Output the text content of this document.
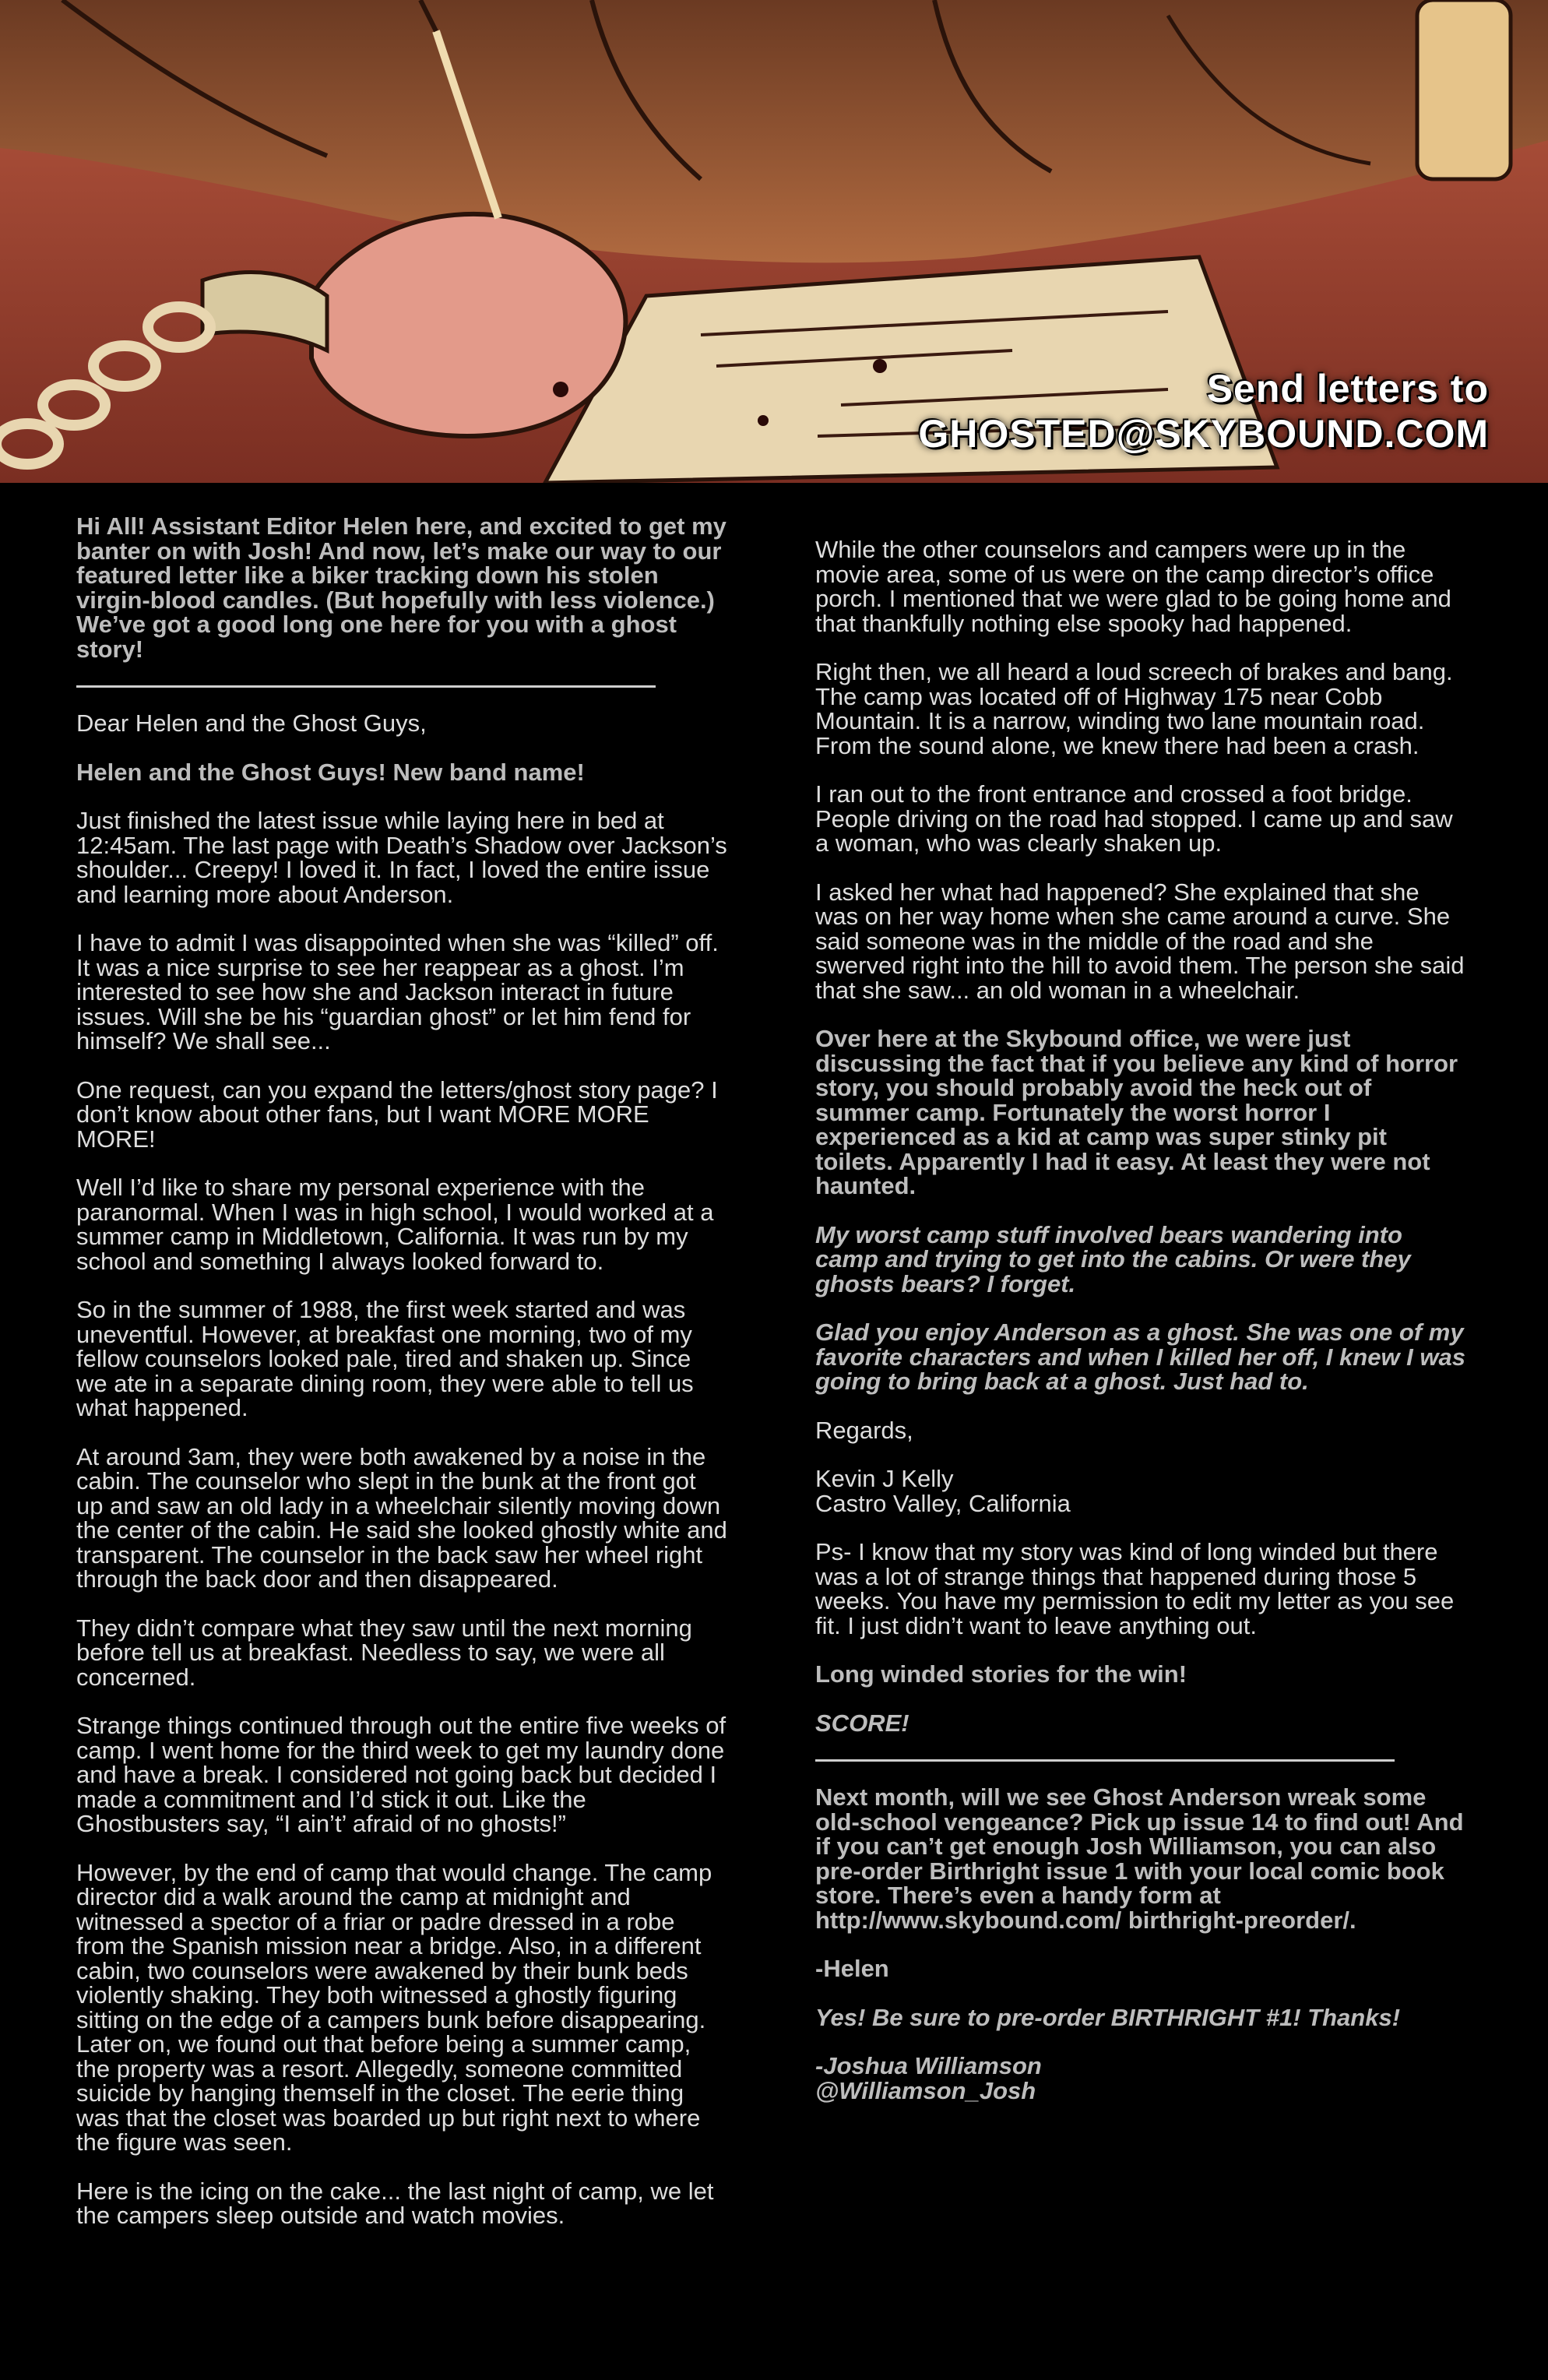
Send letters to
GHOSTED@SKYBOUND.COM

Hi All! Assistant Editor Helen here, and excited to get my banter on with Josh! And now, let’s make our way to our featured letter like a biker tracking down his stolen virgin-blood candles. (But hopefully with less violence.) We’ve got a good long one here for you with a ghost story!

Dear Helen and the Ghost Guys,

Helen and the Ghost Guys! New band name!

Just finished the latest issue while laying here in bed at 12:45am. The last page with Death’s Shadow over Jackson’s shoulder... Creepy! I loved it. In fact, I loved the entire issue and learning more about Anderson.

I have to admit I was disappointed when she was “killed” off. It was a nice surprise to see her reappear as a ghost. I’m interested to see how she and Jackson interact in future issues. Will she be his “guardian ghost” or let him fend for himself? We shall see...

One request, can you expand the letters/ghost story page? I don’t know about other fans, but I want MORE MORE MORE!

Well I’d like to share my personal experience with the paranormal. When I was in high school, I would worked at a summer camp in Middletown, California. It was run by my school and something I always looked forward to.

So in the summer of 1988, the first week started and was uneventful. However, at breakfast one morning, two of my fellow counselors looked pale, tired and shaken up. Since we ate in a separate dining room, they were able to tell us what happened.

At around 3am, they were both awakened by a noise in the cabin. The counselor who slept in the bunk at the front got up and saw an old lady in a wheelchair silently moving down the center of the cabin. He said she looked ghostly white and transparent. The counselor in the back saw her wheel right through the back door and then disappeared.

They didn’t compare what they saw until the next morning before tell us at breakfast. Needless to say, we were all concerned.

Strange things continued through out the entire five weeks of camp. I went home for the third week to get my laundry done and have a break. I considered not going back but decided I made a commitment and I’d stick it out. Like the Ghostbusters say, “I ain’t’ afraid of no ghosts!”

However, by the end of camp that would change. The camp director did a walk around the camp at midnight and witnessed a spector of a friar or padre dressed in a robe from the Spanish mission near a bridge. Also, in a different cabin, two counselors were awakened by their bunk beds violently shaking. They both witnessed a ghostly figuring sitting on the edge of a campers bunk before disappearing. Later on, we found out that before being a summer camp, the property was a resort. Allegedly, someone committed suicide by hanging themself in the closet. The eerie thing was that the closet was boarded up but right next to where the figure was seen.

Here is the icing on the cake... the last night of camp, we let the campers sleep outside and watch movies.

While the other counselors and campers were up in the movie area, some of us were on the camp director’s office porch. I mentioned that we were glad to be going home and that thankfully nothing else spooky had happened.

Right then, we all heard a loud screech of brakes and bang. The camp was located off of Highway 175 near Cobb Mountain. It is a narrow, winding two lane mountain road. From the sound alone, we knew there had been a crash.

I ran out to the front entrance and crossed a foot bridge. People driving on the road had stopped. I came up and saw a woman, who was clearly shaken up.

I asked her what had happened? She explained that she was on her way home when she came around a curve. She said someone was in the middle of the road and she swerved right into the hill to avoid them. The person she said that she saw... an old woman in a wheelchair.

Over here at the Skybound office, we were just discussing the fact that if you believe any kind of horror story, you should probably avoid the heck out of summer camp. Fortunately the worst horror I experienced as a kid at camp was super stinky pit toilets. Apparently I had it easy. At least they were not haunted.

My worst camp stuff involved bears wandering into camp and trying to get into the cabins. Or were they ghosts bears? I forget.

Glad you enjoy Anderson as a ghost. She was one of my favorite characters and when I killed her off, I knew I was going to bring back at a ghost. Just had to.

Regards,

Kevin J Kelly
Castro Valley, California

Ps- I know that my story was kind of long winded but there was a lot of strange things that happened during those 5 weeks. You have my permission to edit my letter as you see fit. I just didn’t want to leave anything out.

Long winded stories for the win!

SCORE!

Next month, will we see Ghost Anderson wreak some old-school vengeance? Pick up issue 14 to find out! And if you can’t get enough Josh Williamson, you can also pre-order Birthright issue 1 with your local comic book store. There’s even a handy form at http://www.skybound.com/ birthright-preorder/.

-Helen

Yes! Be sure to pre-order BIRTHRIGHT #1! Thanks!

-Joshua Williamson
@Williamson_Josh
